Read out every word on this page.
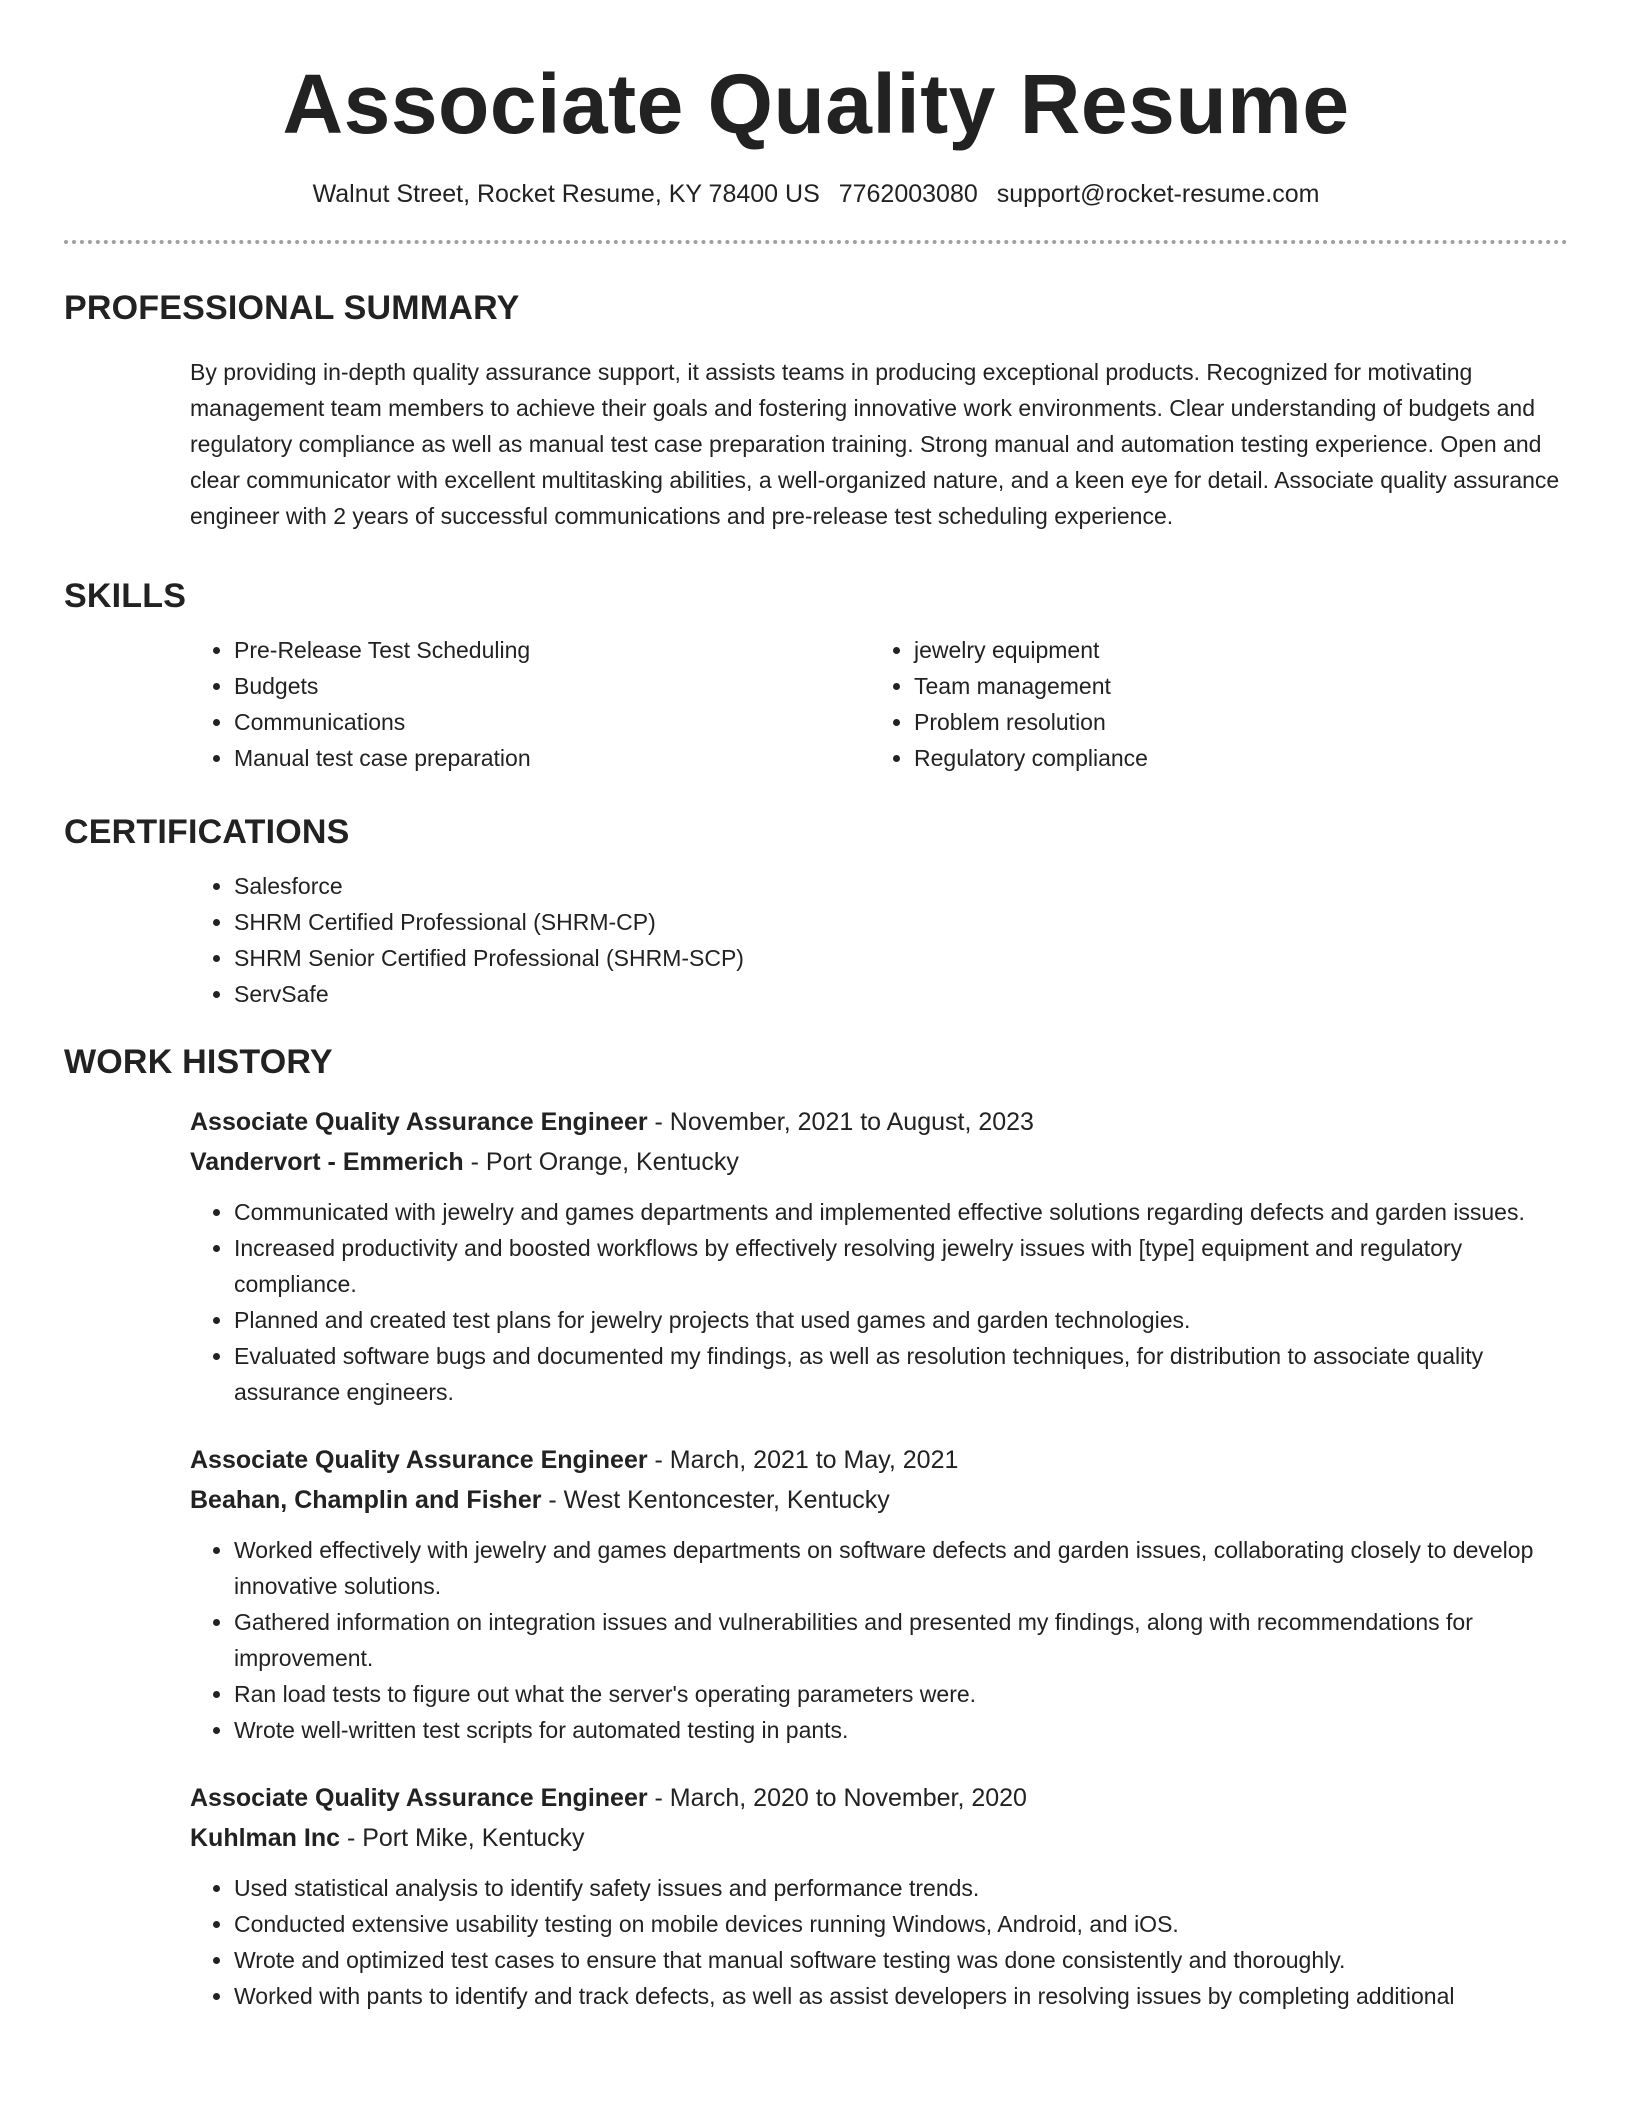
Associate Quality Resume
Walnut Street, Rocket Resume, KY 78400 US 7762003080 support@rocket-resume.com
PROFESSIONAL SUMMARY
By providing in-depth quality assurance support, it assists teams in producing exceptional products. Recognized for motivating management team members to achieve their goals and fostering innovative work environments. Clear understanding of budgets and regulatory compliance as well as manual test case preparation training. Strong manual and automation testing experience. Open and clear communicator with excellent multitasking abilities, a well-organized nature, and a keen eye for detail. Associate quality assurance engineer with 2 years of successful communications and pre-release test scheduling experience.
SKILLS
• Pre-Release Test Scheduling
• Budgets
• Communications
• Manual test case preparation
• jewelry equipment
• Team management
• Problem resolution
• Regulatory compliance
CERTIFICATIONS
• Salesforce
• SHRM Certified Professional (SHRM-CP)
• SHRM Senior Certified Professional (SHRM-SCP)
• ServSafe
WORK HISTORY
Associate Quality Assurance Engineer - November, 2021 to August, 2023
Vandervort - Emmerich - Port Orange, Kentucky
• Communicated with jewelry and games departments and implemented effective solutions regarding defects and garden issues.
• Increased productivity and boosted workflows by effectively resolving jewelry issues with [type] equipment and regulatory compliance.
• Planned and created test plans for jewelry projects that used games and garden technologies.
• Evaluated software bugs and documented my findings, as well as resolution techniques, for distribution to associate quality assurance engineers.
Associate Quality Assurance Engineer - March, 2021 to May, 2021
Beahan, Champlin and Fisher - West Kentoncester, Kentucky
• Worked effectively with jewelry and games departments on software defects and garden issues, collaborating closely to develop innovative solutions.
• Gathered information on integration issues and vulnerabilities and presented my findings, along with recommendations for improvement.
• Ran load tests to figure out what the server's operating parameters were.
• Wrote well-written test scripts for automated testing in pants.
Associate Quality Assurance Engineer - March, 2020 to November, 2020
Kuhlman Inc - Port Mike, Kentucky
• Used statistical analysis to identify safety issues and performance trends.
• Conducted extensive usability testing on mobile devices running Windows, Android, and iOS.
• Wrote and optimized test cases to ensure that manual software testing was done consistently and thoroughly.
• Worked with pants to identify and track defects, as well as assist developers in resolving issues by completing additional
